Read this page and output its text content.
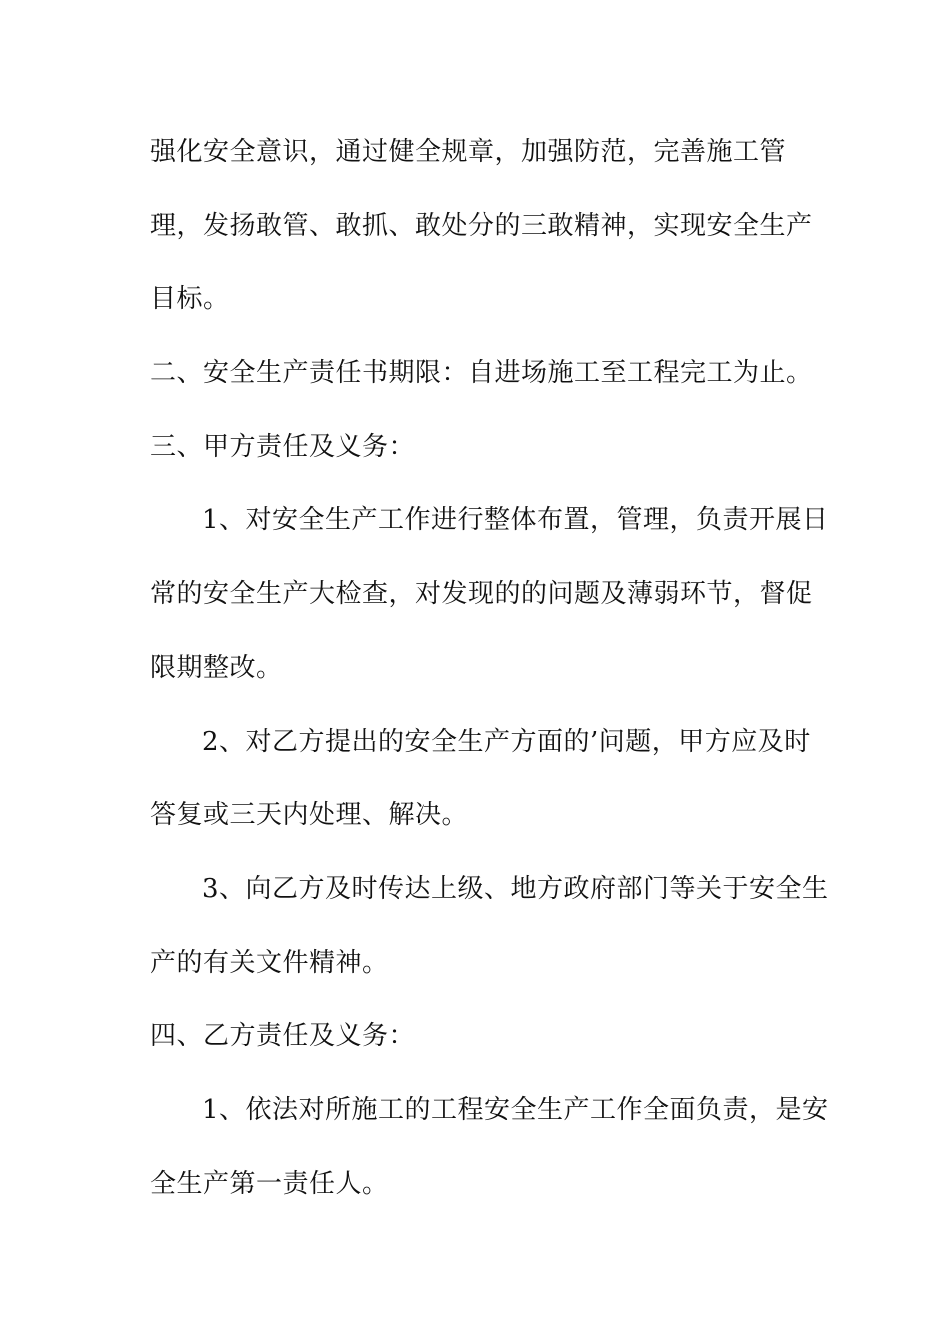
强化安全意识，通过健全规章，加强防范，完善施工管
理，发扬敢管、敢抓、敢处分的三敢精神，实现安全生产
目标。
二、安全生产责任书期限：自进场施工至工程完工为止。
三、甲方责任及义务：
1、对安全生产工作进行整体布置，管理，负责开展日
常的安全生产大检查，对发现的的问题及薄弱环节，督促
限期整改。
2、对乙方提出的安全生产方面的’问题，甲方应及时
答复或三天内处理、解决。
3、向乙方及时传达上级、地方政府部门等关于安全生
产的有关文件精神。
四、乙方责任及义务：
1、依法对所施工的工程安全生产工作全面负责，是安
全生产第一责任人。
